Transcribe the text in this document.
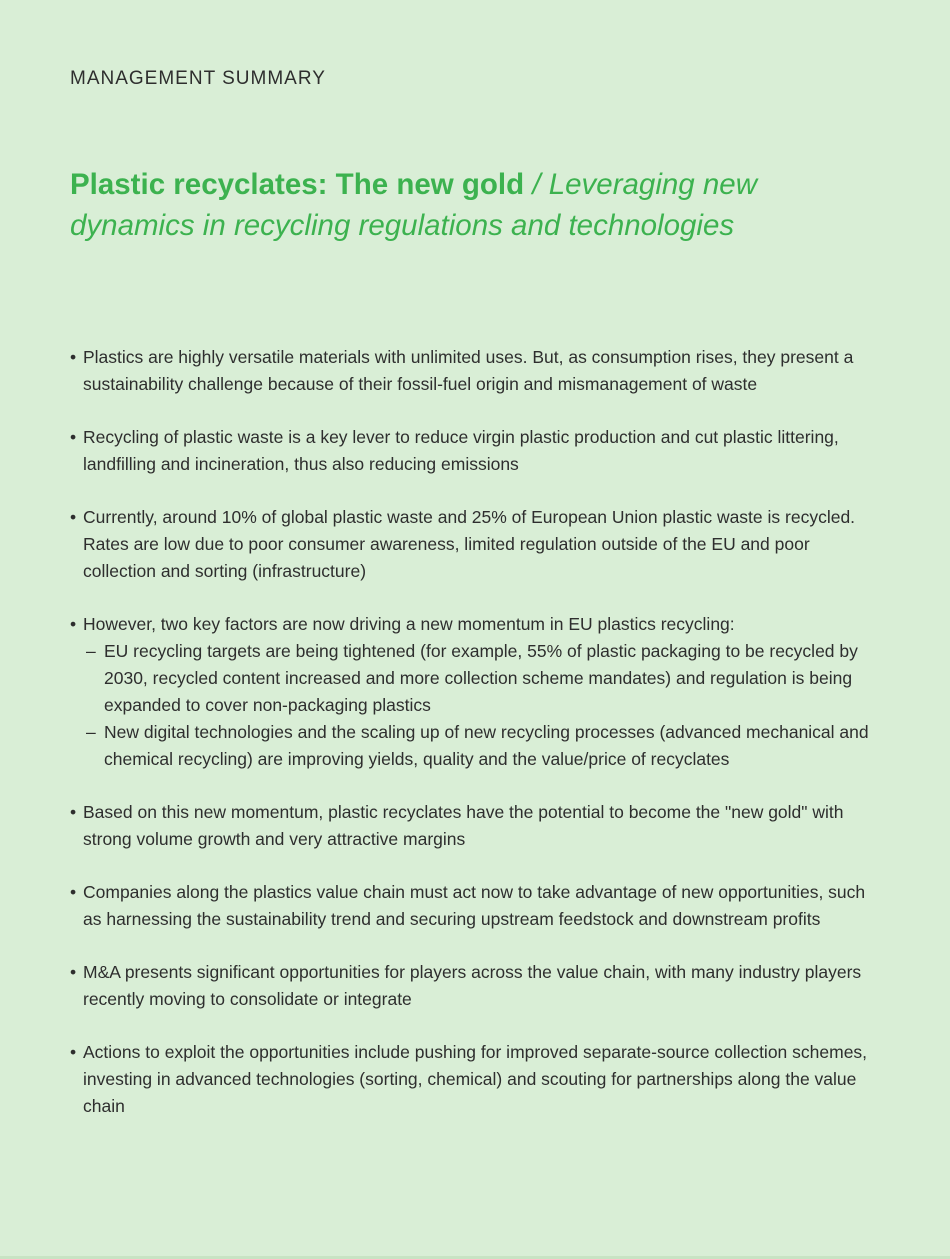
MANAGEMENT SUMMARY
Plastic recyclates: The new gold / Leveraging new dynamics in recycling regulations and technologies
• Plastics are highly versatile materials with unlimited uses. But, as consumption rises, they present a sustainability challenge because of their fossil-fuel origin and mismanagement of waste
• Recycling of plastic waste is a key lever to reduce virgin plastic production and cut plastic littering, landfilling and incineration, thus also reducing emissions
• Currently, around 10% of global plastic waste and 25% of European Union plastic waste is recycled. Rates are low due to poor consumer awareness, limited regulation outside of the EU and poor collection and sorting (infrastructure)
• However, two key factors are now driving a new momentum in EU plastics recycling:
– EU recycling targets are being tightened (for example, 55% of plastic packaging to be recycled by 2030, recycled content increased and more collection scheme mandates) and regulation is being expanded to cover non-packaging plastics
– New digital technologies and the scaling up of new recycling processes (advanced mechanical and chemical recycling) are improving yields, quality and the value/price of recyclates
• Based on this new momentum, plastic recyclates have the potential to become the "new gold" with strong volume growth and very attractive margins
• Companies along the plastics value chain must act now to take advantage of new opportunities, such as harnessing the sustainability trend and securing upstream feedstock and downstream profits
• M&A presents significant opportunities for players across the value chain, with many industry players recently moving to consolidate or integrate
• Actions to exploit the opportunities include pushing for improved separate-source collection schemes, investing in advanced technologies (sorting, chemical) and scouting for partnerships along the value chain
